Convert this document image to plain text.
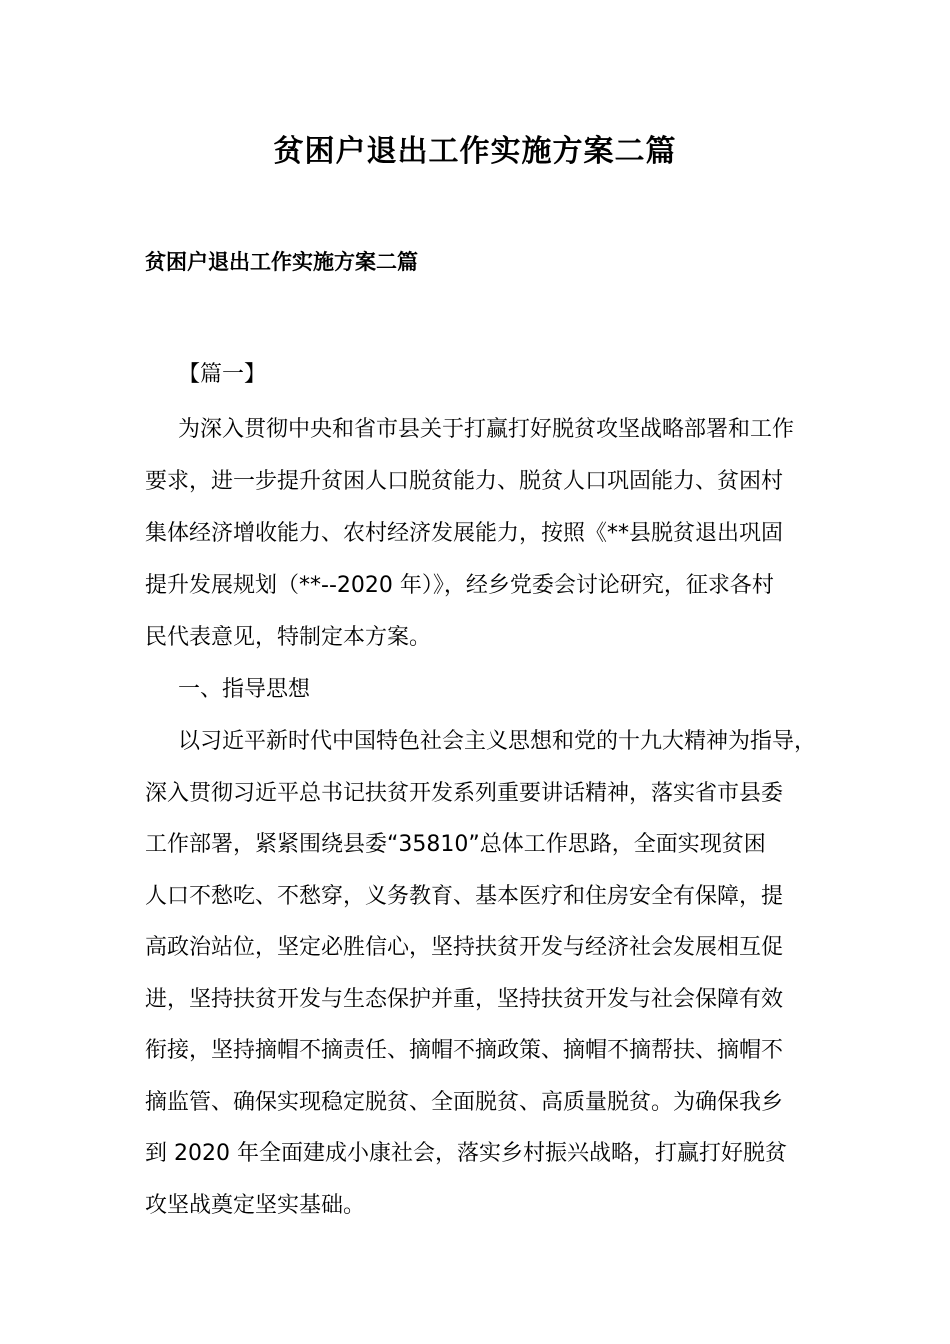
贫困户退出工作实施方案二篇
贫困户退出工作实施方案二篇
【篇一】
为深入贯彻中央和省市县关于打赢打好脱贫攻坚战略部署和工作
要求，进一步提升贫困人口脱贫能力、脱贫人口巩固能力、贫困村
集体经济增收能力、农村经济发展能力，按照《**县脱贫退出巩固
提升发展规划（**--2020 年）》，经乡党委会讨论研究，征求各村
民代表意见，特制定本方案。
一、指导思想
以习近平新时代中国特色社会主义思想和党的十九大精神为指导，
深入贯彻习近平总书记扶贫开发系列重要讲话精神，落实省市县委
工作部署，紧紧围绕县委“35810”总体工作思路，全面实现贫困
人口不愁吃、不愁穿，义务教育、基本医疗和住房安全有保障，提
高政治站位，坚定必胜信心，坚持扶贫开发与经济社会发展相互促
进，坚持扶贫开发与生态保护并重，坚持扶贫开发与社会保障有效
衔接，坚持摘帽不摘责任、摘帽不摘政策、摘帽不摘帮扶、摘帽不
摘监管、确保实现稳定脱贫、全面脱贫、高质量脱贫。为确保我乡
到 2020 年全面建成小康社会，落实乡村振兴战略，打赢打好脱贫
攻坚战奠定坚实基础。
